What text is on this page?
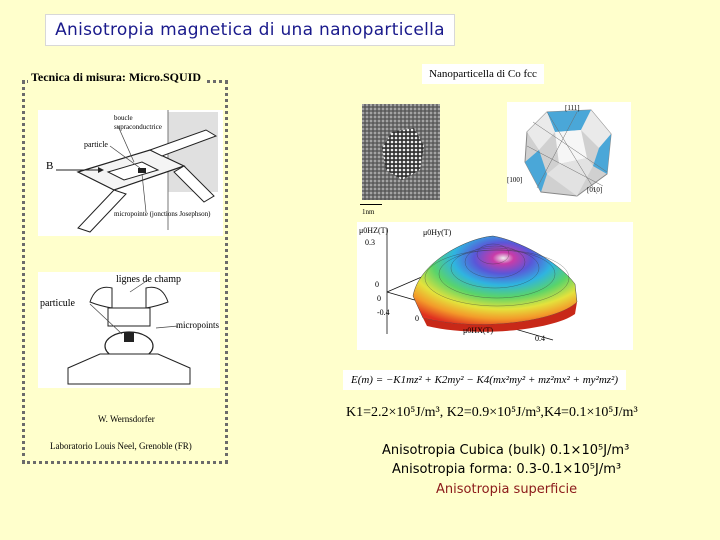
Anisotropia magnetica di una nanoparticella
Tecnica di misura: Micro.SQUID
boucle
supraconductrice
particle
B
micropointe (jonctions Josephson)
lignes de champ
particule
micropoints
W. Wernsdorfer
Laboratorio Louis Neel, Grenoble (FR)
Nanoparticella di Co fcc
1nm
[111]
[100]
[010]
μ0HZ(T)	μ0Hy(T)
μ0HX(T)
0.3
0
0
-0.4
0
0.4
E(m) = −K1mz² + K2my² − K4(mx²my² + mz²mx² + my²mz²)
K1=2.2×10⁵J/m³, K2=0.9×10⁵J/m³,K4=0.1×10⁵J/m³
Anisotropia Cubica (bulk) 0.1×10⁵J/m³
Anisotropia forma: 0.3-0.1×10⁵J/m³
Anisotropia superficie
